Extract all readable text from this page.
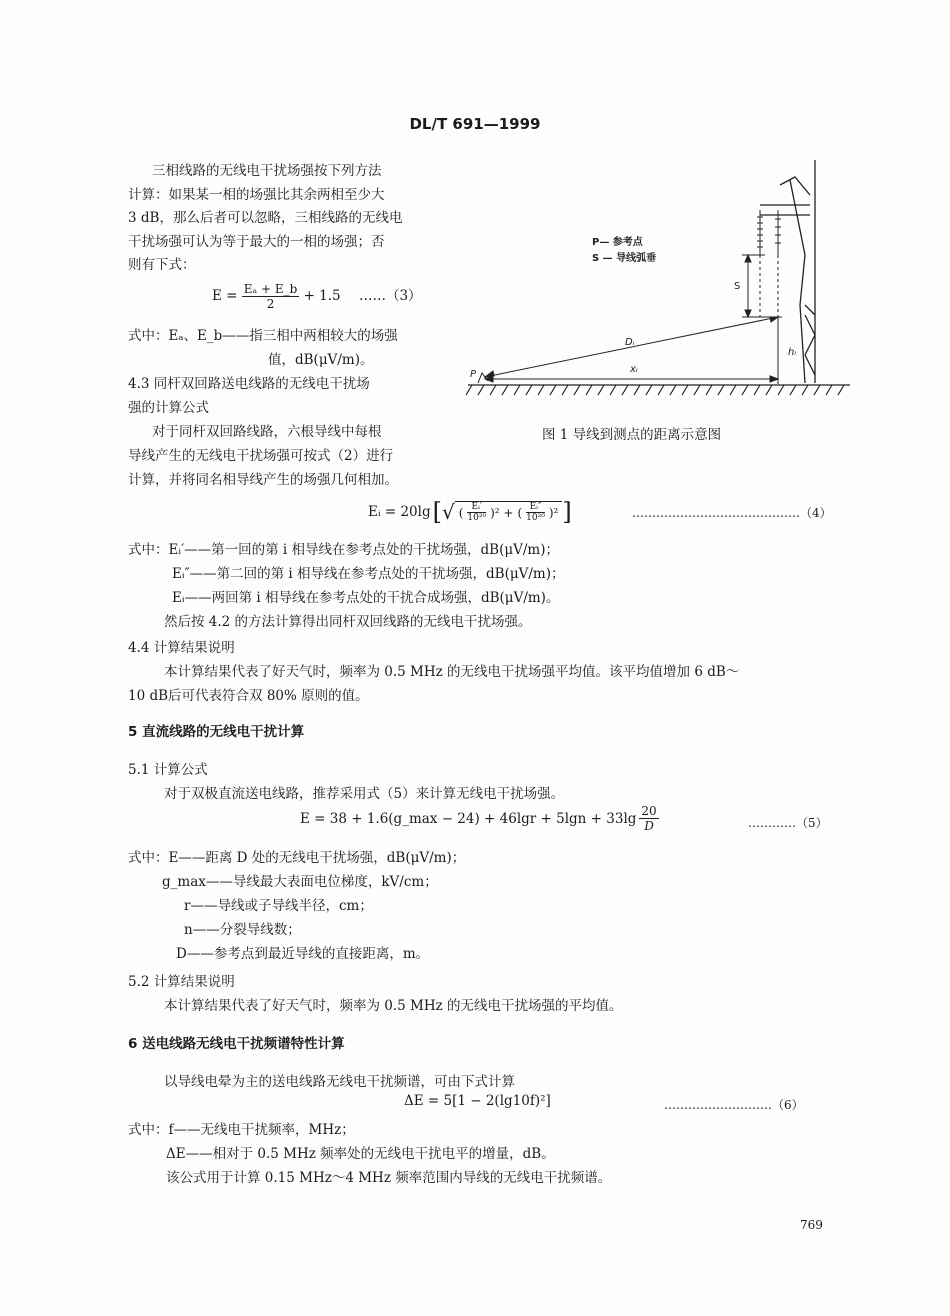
DL/T 691—1999
三相线路的无线电干扰场强按下列方法
计算：如果某一相的场强比其余两相至少大
3 dB，那么后者可以忽略，三相线路的无线电
干扰场强可认为等于最大的一相的场强；否
则有下式：
$E = \frac{\text{Eₐ + E\_b}}{2} + 1.5$ ……（3）
式中：Eₐ、E_b——指三相中两相较大的场强
值，dB(μV/m)。
4.3 同杆双回路送电线路的无线电干扰场
强的计算公式
对于同杆双回路线路，六根导线中每根
导线产生的无线电干扰场强可按式（2）进行
计算，并将同名相导线产生的场强几何相加。
P— 参考点
S — 导线弧垂
S
Dᵢ
xᵢ
hᵢ
P
图 1 导线到测点的距离示意图
Eᵢ = 20lg [ √ ( $\frac{\text{Eᵢ′}}{\text{10²⁰}} )^2$ + ( $\frac{\text{Eᵢ″}}{\text{10²⁰}} )^2$ ]	……………………………………（4）
式中：Eᵢ′——第一回的第 i 相导线在参考点处的干扰场强，dB(μV/m)；
Eᵢ″——第二回的第 i 相导线在参考点处的干扰场强，dB(μV/m)；
Eᵢ——两回第 i 相导线在参考点处的干扰合成场强，dB(μV/m)。
然后按 4.2 的方法计算得出同杆双回线路的无线电干扰场强。
4.4 计算结果说明
本计算结果代表了好天气时，频率为 0.5 MHz 的无线电干扰场强平均值。该平均值增加 6 dB～
10 dB后可代表符合双 80% 原则的值。
5 直流线路的无线电干扰计算
5.1 计算公式
对于双极直流送电线路，推荐采用式（5）来计算无线电干扰场强。
E = 38 + 1.6(g_max − $24) + 46\lg r + 5\lg n + 33\lg \frac{20}{D}$	…………（5）
式中：E——距离 D 处的无线电干扰场强，dB(μV/m)；
g_max——导线最大表面电位梯度，kV/cm；
r——导线或子导线半径，cm；
n——分裂导线数；
D——参考点到最近导线的直接距离，m。
5.2 计算结果说明
本计算结果代表了好天气时，频率为 0.5 MHz 的无线电干扰场强的平均值。
6 送电线路无线电干扰频谱特性计算
以导线电晕为主的送电线路无线电干扰频谱，可由下式计算
ΔE = 5[1 − 2(lg10f)²]	………………………（6）
式中：f——无线电干扰频率，MHz；
ΔE——相对于 0.5 MHz 频率处的无线电干扰电平的增量，dB。
该公式用于计算 0.15 MHz～4 MHz 频率范围内导线的无线电干扰频谱。
769
